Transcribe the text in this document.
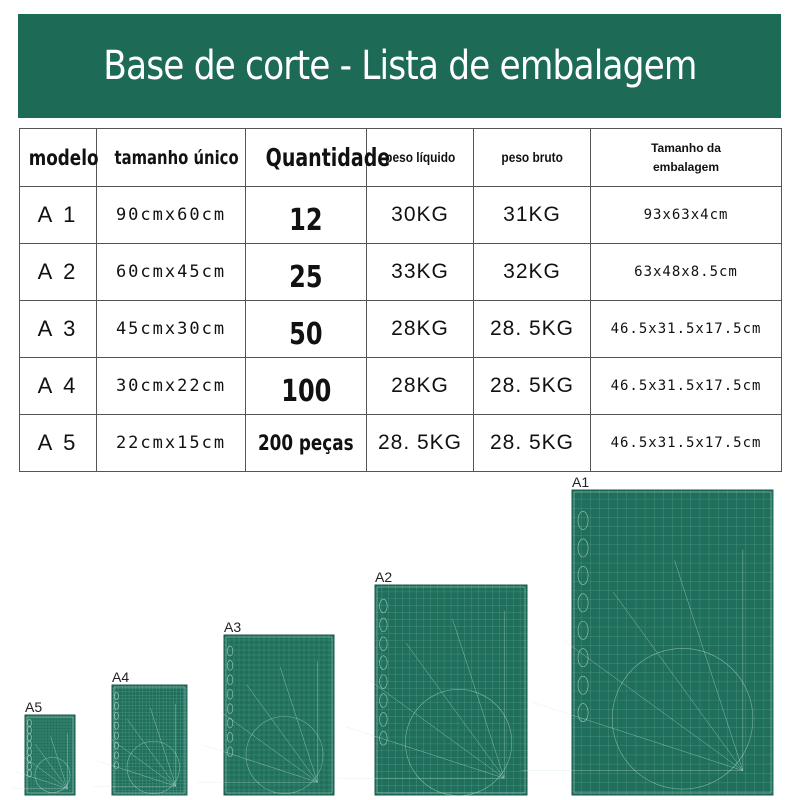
Base de corte - Lista de embalagem
modelo	tamanho único	Quantidade	peso líquido	peso bruto	Tamanho da embalagem

A 1	90cmx60cm	12	30KG	31KG	93x63x4cm
A 2	60cmx45cm	25	33KG	32KG	63x48x8.5cm
A 3	45cmx30cm	50	28KG	28. 5KG	46.5x31.5x17.5cm
A 4	30cmx22cm	100	28KG	28. 5KG	46.5x31.5x17.5cm
A 5	22cmx15cm	200 peças	28. 5KG	28. 5KG	46.5x31.5x17.5cm
A5
A4
A3
A2
A1
